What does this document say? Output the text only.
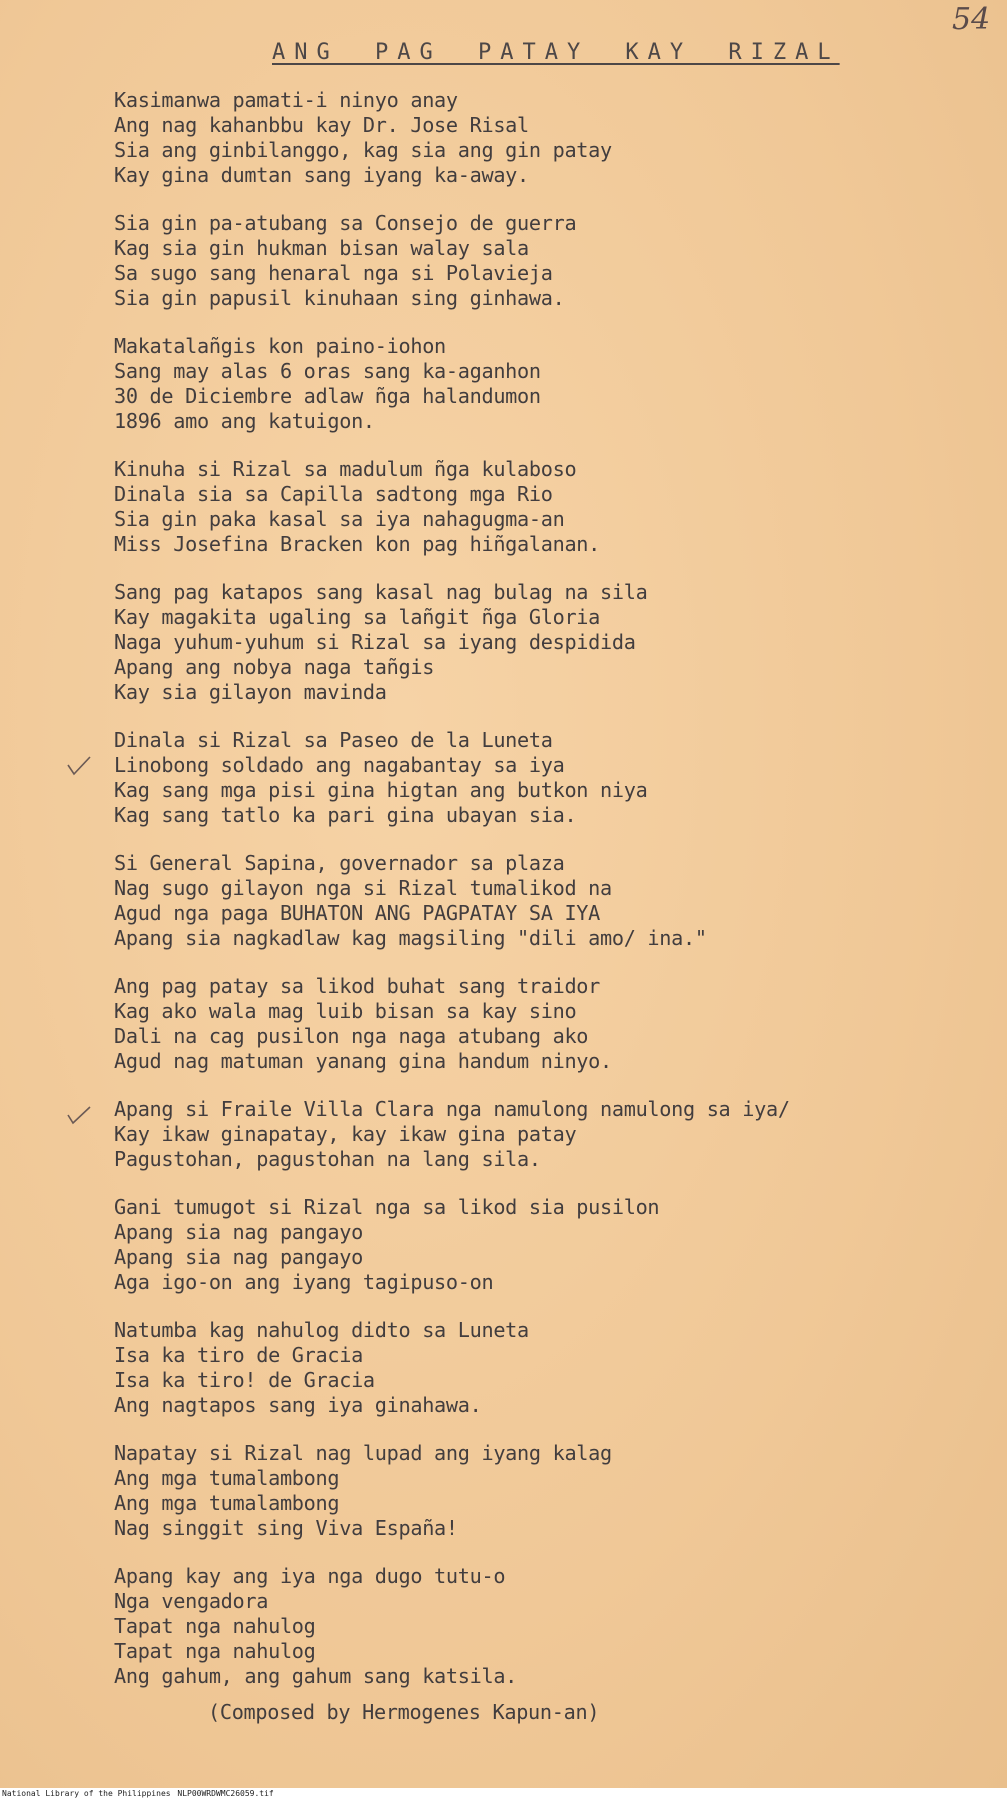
54
ANG PAG PATAY KAY RIZAL
Kasimanwa pamati-i ninyo anay
Ang nag kahanbbu kay Dr. Jose Risal
Sia ang ginbilanggo, kag sia ang gin patay
Kay gina dumtan sang iyang ka-away.
Sia gin pa-atubang sa Consejo de guerra
Kag sia gin hukman bisan walay sala
Sa sugo sang henaral nga si Polavieja
Sia gin papusil kinuhaan sing ginhawa.
Makatalañgis kon paino-iohon
Sang may alas 6 oras sang ka-aganhon
30 de Diciembre adlaw ñga halandumon
1896 amo ang katuigon.
Kinuha si Rizal sa madulum ñga kulaboso
Dinala sia sa Capilla sadtong mga Rio
Sia gin paka kasal sa iya nahagugma-an
Miss Josefina Bracken kon pag hiñgalanan.
Sang pag katapos sang kasal nag bulag na sila
Kay magakita ugaling sa lañgit ñga Gloria
Naga yuhum-yuhum si Rizal sa iyang despidida
Apang ang nobya naga tañgis
Kay sia gilayon mavinda
Dinala si Rizal sa Paseo de la Luneta
Linobong soldado ang nagabantay sa iya
Kag sang mga pisi gina higtan ang butkon niya
Kag sang tatlo ka pari gina ubayan sia.
Si General Sapina, governador sa plaza
Nag sugo gilayon nga si Rizal tumalikod na
Agud nga paga BUHATON ANG PAGPATAY SA IYA
Apang sia nagkadlaw kag magsiling "dili amo/ ina."
Ang pag patay sa likod buhat sang traidor
Kag ako wala mag luib bisan sa kay sino
Dali na cag pusilon nga naga atubang ako
Agud nag matuman yanang gina handum ninyo.
Apang si Fraile Villa Clara nga namulong namulong sa iya/
Kay ikaw ginapatay, kay ikaw gina patay
Pagustohan, pagustohan na lang sila.
Gani tumugot si Rizal nga sa likod sia pusilon
Apang sia nag pangayo
Apang sia nag pangayo
Aga igo-on ang iyang tagipuso-on
Natumba kag nahulog didto sa Luneta
Isa ka tiro de Gracia
Isa ka tiro! de Gracia
Ang nagtapos sang iya ginahawa.
Napatay si Rizal nag lupad ang iyang kalag
Ang mga tumalambong
Ang mga tumalambong
Nag singgit sing Viva España!
Apang kay ang iya nga dugo tutu-o
Nga vengadora
Tapat nga nahulog
Tapat nga nahulog
Ang gahum, ang gahum sang katsila.
(Composed by Hermogenes Kapun-an)
National Library of the Philippines NLP00WRDWMC26059.tif
